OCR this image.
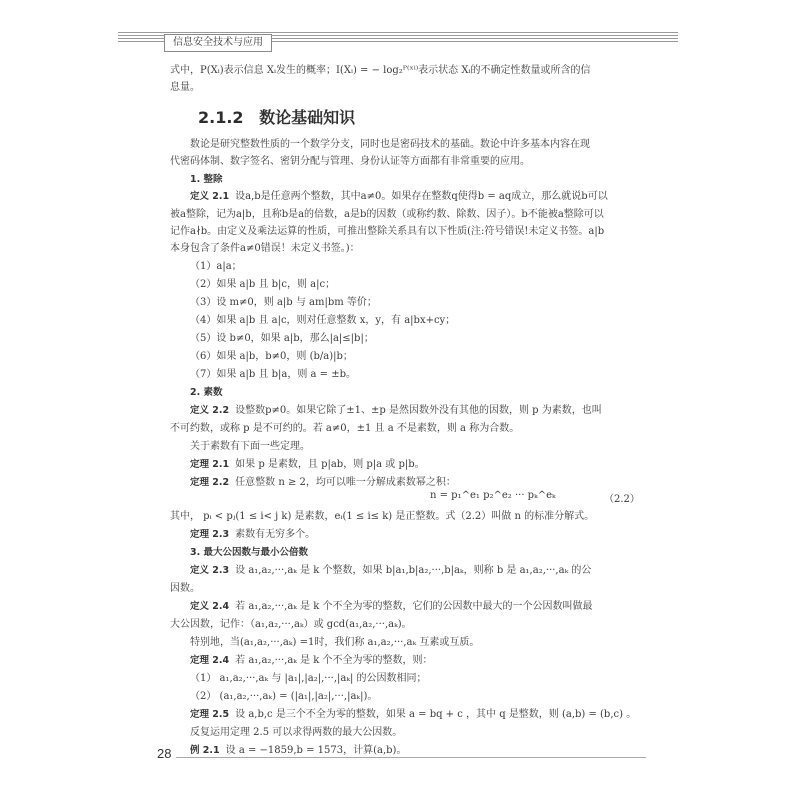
信息安全技术与应用
式中，P(Xᵢ)表示信息 Xᵢ发生的概率；I(Xᵢ) = − log₂ᴾ⁽ˣⁱ⁾表示状态 Xᵢ的不确定性数量或所含的信
息量。
2.1.2 数论基础知识
数论是研究整数性质的一个数学分支，同时也是密码技术的基础。数论中许多基本内容在现
代密码体制、数字签名、密钥分配与管理、身份认证等方面都有非常重要的应用。
1. 整除
定义 2.1 设a,b是任意两个整数，其中a≠0。如果存在整数q使得b = aq成立，那么就说b可以
被a整除，记为a|b，且称b是a的倍数，a是b的因数（或称约数、除数、因子）。b不能被a整除可以
记作a∤b。由定义及乘法运算的性质，可推出整除关系具有以下性质(注:符号错误!未定义书签。a|b
本身包含了条件a≠0错误！未定义书签。)：
（1）a|a；
（2）如果 a|b 且 b|c，则 a|c；
（3）设 m≠0，则 a|b 与 am|bm 等价；
（4）如果 a|b 且 a|c，则对任意整数 x，y，有 a|bx+cy；
（5）设 b≠0，如果 a|b，那么|a|≤|b|；
（6）如果 a|b，b≠0，则 (b/a)|b；
（7）如果 a|b 且 b|a，则 a = ±b。
2. 素数
定义 2.2 设整数p≠0。如果它除了±1、±p 是然因数外没有其他的因数，则 p 为素数，也叫
不可约数，或称 p 是不可约的。若 a≠0，±1 且 a 不是素数，则 a 称为合数。
关于素数有下面一些定理。
定理 2.1 如果 p 是素数，且 p|ab，则 p|a 或 p|b。
定理 2.2 任意整数 n ≥ 2，均可以唯一分解成素数幂之积：
n = p₁^e₁ p₂^e₂ ··· pₖ^eₖ	（2.2）
其中， pᵢ < pⱼ(1 ≤ i< j k) 是素数，eᵢ(1 ≤ i≤ k) 是正整数。式（2.2）叫做 n 的标准分解式。
定理 2.3 素数有无穷多个。
3. 最大公因数与最小公倍数
定义 2.3 设 a₁,a₂,···,aₖ 是 k 个整数，如果 b|a₁,b|a₂,···,b|aₖ，则称 b 是 a₁,a₂,···,aₖ 的公
因数。
定义 2.4 若 a₁,a₂,···,aₖ 是 k 个不全为零的整数，它们的公因数中最大的一个公因数叫做最
大公因数，记作：（a₁,a₂,···,aₖ）或 gcd(a₁,a₂,···,aₖ)。
特别地，当(a₁,a₂,···,aₖ) =1时，我们称 a₁,a₂,···,aₖ 互素或互质。
定理 2.4 若 a₁,a₂,···,aₖ 是 k 个不全为零的整数，则：
（1） a₁,a₂,···,aₖ 与 |a₁|,|a₂|,···,|aₖ| 的公因数相同；
（2） (a₁,a₂,···,aₖ) = (|a₁|,|a₂|,···,|aₖ|)。
定理 2.5 设 a,b,c 是三个不全为零的整数，如果 a = bq + c ，其中 q 是整数，则 (a,b) = (b,c) 。
反复运用定理 2.5 可以求得两数的最大公因数。
例 2.1 设 a = −1859,b = 1573，计算(a,b)。
28
